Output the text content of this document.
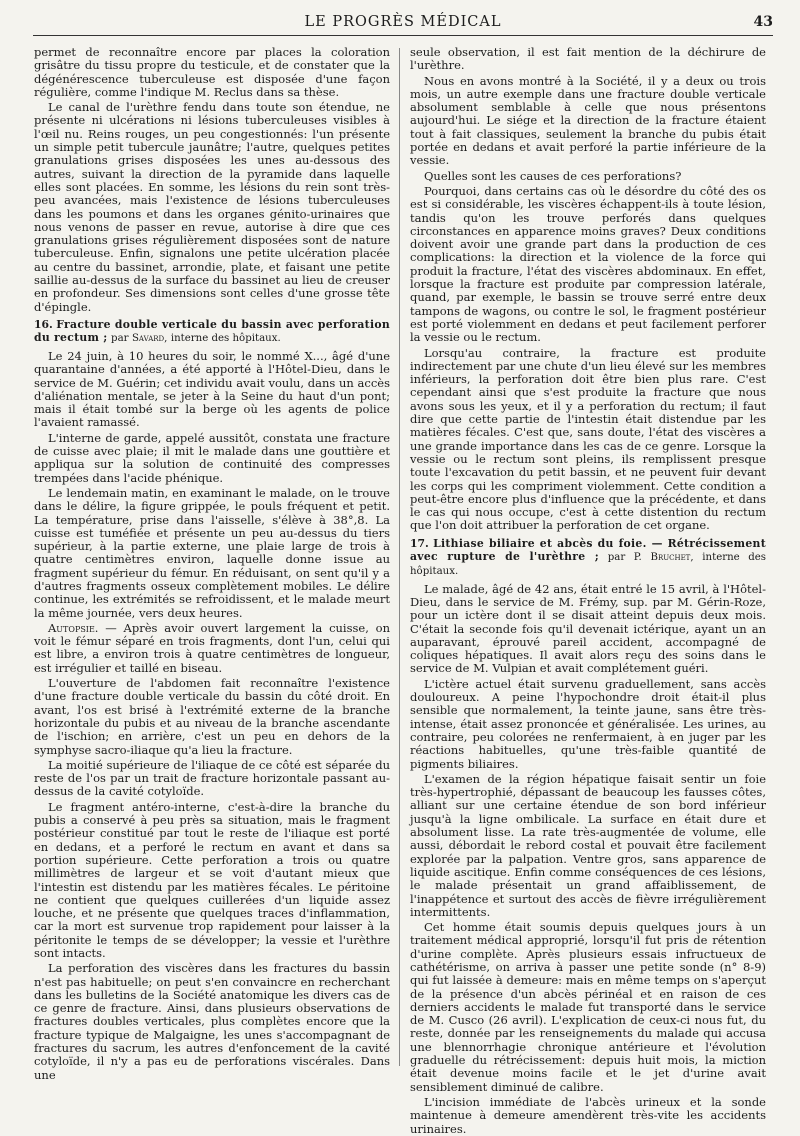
LE PROGRÈS MÉDICAL	43

permet de reconnaître encore par places la coloration grisâtre du tissu propre du testicule, et de constater que la dégénérescence tuberculeuse est disposée d'une façon régulière, comme l'indique M. Reclus dans sa thèse.

Le canal de l'urèthre fendu dans toute son étendue, ne présente ni ulcérations ni lésions tuberculeuses visibles à l'œil nu. Reins rouges, un peu congestionnés: l'un présente un simple petit tubercule jaunâtre; l'autre, quelques petites granulations grises disposées les unes au-dessous des autres, suivant la direction de la pyramide dans laquelle elles sont placées. En somme, les lésions du rein sont très-peu avancées, mais l'existence de lésions tuberculeuses dans les poumons et dans les organes génito-urinaires que nous venons de passer en revue, autorise à dire que ces granulations grises régulièrement disposées sont de nature tuberculeuse. Enfin, signalons une petite ulcération placée au centre du bassinet, arrondie, plate, et faisant une petite saillie au-dessus de la surface du bassinet au lieu de creuser en profondeur. Ses dimensions sont celles d'une grosse tête d'épingle.

16. Fracture double verticale du bassin avec perforation du rectum ; par Savard, interne des hôpitaux.

Le 24 juin, à 10 heures du soir, le nommé X..., âgé d'une quarantaine d'années, a été apporté à l'Hôtel-Dieu, dans le service de M. Guérin; cet individu avait voulu, dans un accès d'aliénation mentale, se jeter à la Seine du haut d'un pont; mais il était tombé sur la berge où les agents de police l'avaient ramassé.

L'interne de garde, appelé aussitôt, constata une fracture de cuisse avec plaie; il mit le malade dans une gouttière et appliqua sur la solution de continuité des compresses trempées dans l'acide phénique.

Le lendemain matin, en examinant le malade, on le trouve dans le délire, la figure grippée, le pouls fréquent et petit. La température, prise dans l'aisselle, s'élève à 38°,8. La cuisse est tuméfiée et présente un peu au-dessus du tiers supérieur, à la partie externe, une plaie large de trois à quatre centimètres environ, laquelle donne issue au fragment supérieur du fémur. En réduisant, on sent qu'il y a d'autres fragments osseux complètement mobiles. Le délire continue, les extrémités se refroidissent, et le malade meurt la même journée, vers deux heures.

Autopsie. — Après avoir ouvert largement la cuisse, on voit le fémur séparé en trois fragments, dont l'un, celui qui est libre, a environ trois à quatre centimètres de longueur, est irrégulier et taillé en biseau.

L'ouverture de l'abdomen fait reconnaître l'existence d'une fracture double verticale du bassin du côté droit. En avant, l'os est brisé à l'extrémité externe de la branche horizontale du pubis et au niveau de la branche ascendante de l'ischion; en arrière, c'est un peu en dehors de la symphyse sacro-iliaque qu'a lieu la fracture.

La moitié supérieure de l'iliaque de ce côté est séparée du reste de l'os par un trait de fracture horizontale passant au-dessus de la cavité cotyloïde.

Le fragment antéro-interne, c'est-à-dire la branche du pubis a conservé à peu près sa situation, mais le fragment postérieur constitué par tout le reste de l'iliaque est porté en dedans, et a perforé le rectum en avant et dans sa portion supérieure. Cette perforation a trois ou quatre millimètres de largeur et se voit d'autant mieux que l'intestin est distendu par les matières fécales. Le péritoine ne contient que quelques cuillerées d'un liquide assez louche, et ne présente que quelques traces d'inflammation, car la mort est survenue trop rapidement pour laisser à la péritonite le temps de se développer; la vessie et l'urèthre sont intacts.

La perforation des viscères dans les fractures du bassin n'est pas habituelle; on peut s'en convaincre en recherchant dans les bulletins de la Société anatomique les divers cas de ce genre de fracture. Ainsi, dans plusieurs observations de fractures doubles verticales, plus complètes encore que la fracture typique de Malgaigne, les unes s'accompagnant de fractures du sacrum, les autres d'enfoncement de la cavité cotyloïde, il n'y a pas eu de perforations viscérales. Dans une

seule observation, il est fait mention de la déchirure de l'urèthre.

Nous en avons montré à la Société, il y a deux ou trois mois, un autre exemple dans une fracture double verticale absolument semblable à celle que nous présentons aujourd'hui. Le siége et la direction de la fracture étaient tout à fait classiques, seulement la branche du pubis était portée en dedans et avait perforé la partie inférieure de la vessie.

Quelles sont les causes de ces perforations?

Pourquoi, dans certains cas où le désordre du côté des os est si considérable, les viscères échappent-ils à toute lésion, tandis qu'on les trouve perforés dans quelques circonstances en apparence moins graves? Deux conditions doivent avoir une grande part dans la production de ces complications: la direction et la violence de la force qui produit la fracture, l'état des viscères abdominaux. En effet, lorsque la fracture est produite par compression latérale, quand, par exemple, le bassin se trouve serré entre deux tampons de wagons, ou contre le sol, le fragment postérieur est porté violemment en dedans et peut facilement perforer la vessie ou le rectum.

Lorsqu'au contraire, la fracture est produite indirectement par une chute d'un lieu élevé sur les membres inférieurs, la perforation doit être bien plus rare. C'est cependant ainsi que s'est produite la fracture que nous avons sous les yeux, et il y a perforation du rectum; il faut dire que cette partie de l'intestin était distendue par les matières fécales. C'est que, sans doute, l'état des viscères a une grande importance dans les cas de ce genre. Lorsque la vessie ou le rectum sont pleins, ils remplissent presque toute l'excavation du petit bassin, et ne peuvent fuir devant les corps qui les compriment violemment. Cette condition a peut-être encore plus d'influence que la précédente, et dans le cas qui nous occupe, c'est à cette distention du rectum que l'on doit attribuer la perforation de cet organe.

17. Lithiase biliaire et abcès du foie. — Rétrécissement avec rupture de l'urèthre ; par P. Bruchet, interne des hôpitaux.

Le malade, âgé de 42 ans, était entré le 15 avril, à l'Hôtel-Dieu, dans le service de M. Frémy, sup. par M. Gérin-Roze, pour un ictère dont il se disait atteint depuis deux mois. C'était la seconde fois qu'il devenait ictérique, ayant un an auparavant, éprouvé pareil accident, accompagné de coliques hépatiques. Il avait alors reçu des soins dans le service de M. Vulpian et avait complétement guéri.

L'ictère actuel était survenu graduellement, sans accès douloureux. A peine l'hypochondre droit était-il plus sensible que normalement, la teinte jaune, sans être très-intense, était assez prononcée et généralisée. Les urines, au contraire, peu colorées ne renfermaient, à en juger par les réactions habituelles, qu'une très-faible quantité de pigments biliaires.

L'examen de la région hépatique faisait sentir un foie très-hypertrophié, dépassant de beaucoup les fausses côtes, alliant sur une certaine étendue de son bord inférieur jusqu'à la ligne ombilicale. La surface en était dure et absolument lisse. La rate très-augmentée de volume, elle aussi, débordait le rebord costal et pouvait être facilement explorée par la palpation. Ventre gros, sans apparence de liquide ascitique. Enfin comme conséquences de ces lésions, le malade présentait un grand affaiblissement, de l'inappétence et surtout des accès de fièvre irrégulièrement intermittents.

Cet homme était soumis depuis quelques jours à un traitement médical approprié, lorsqu'il fut pris de rétention d'urine complète. Après plusieurs essais infructueux de cathétérisme, on arriva à passer une petite sonde (n° 8-9) qui fut laissée à demeure: mais en même temps on s'aperçut de la présence d'un abcès périnéal et en raison de ces derniers accidents le malade fut transporté dans le service de M. Cusco (26 avril). L'explication de ceux-ci nous fut, du reste, donnée par les renseignements du malade qui accusa une blennorrhagie chronique antérieure et l'évolution graduelle du rétrécissement: depuis huit mois, la miction était devenue moins facile et le jet d'urine avait sensiblement diminué de calibre.

L'incision immédiate de l'abcès urineux et la sonde maintenue à demeure amendèrent très-vite les accidents urinaires.
